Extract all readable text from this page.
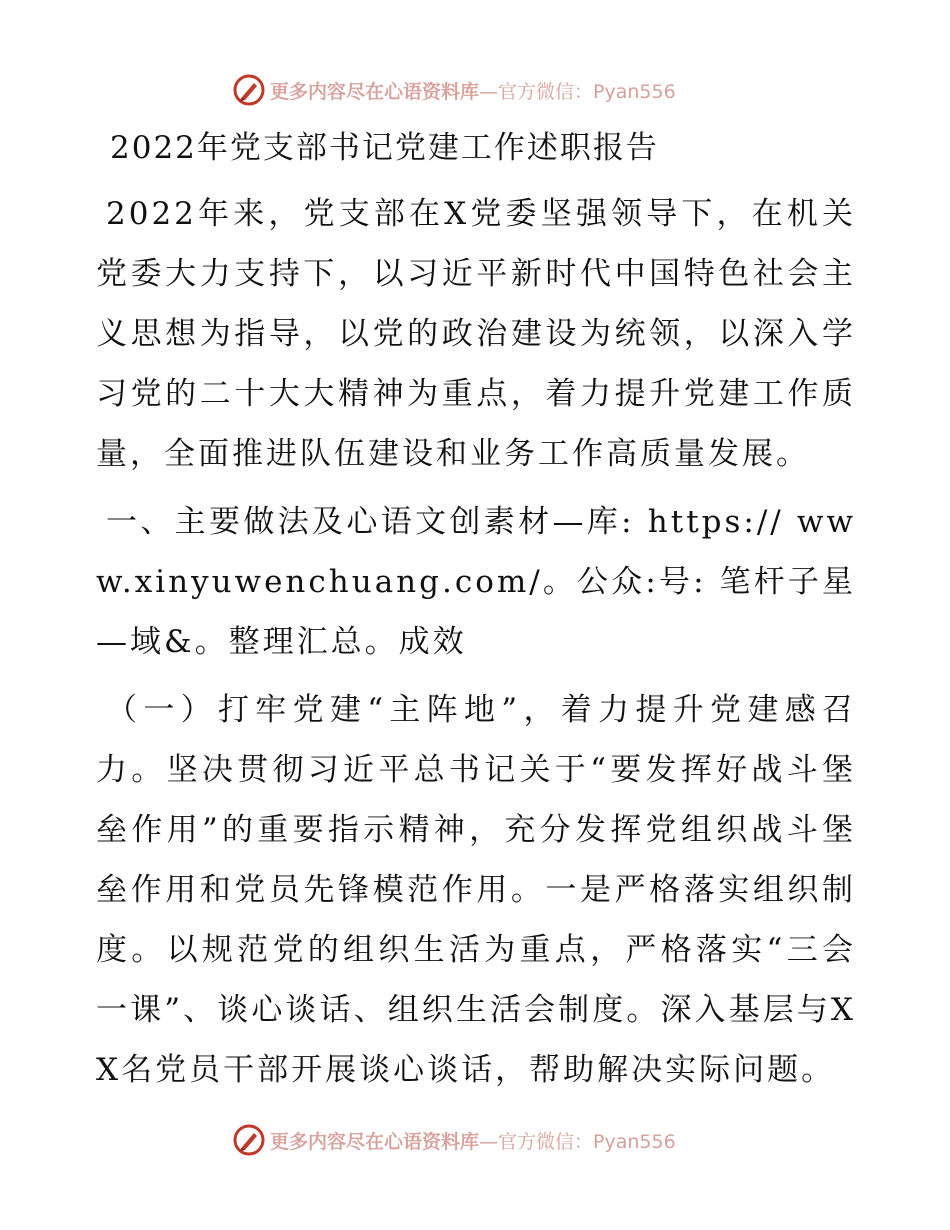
更多内容尽在心语资料库 —官方微信：Pyan556
2022年党支部书记党建工作述职报告

2022年来，党支部在X党委坚强领导下，在机关党委大力支持下，以习近平新时代中国特色社会主义思想为指导，以党的政治建设为统领，以深入学习党的二十大大精神为重点，着力提升党建工作质量，全面推进队伍建设和业务工作高质量发展。

一、主要做法及心语文创素材—库: https:// www.xinyuwenchuang.com/。公众:号: 笔杆子星—域&。整理汇总。成效

（一）打牢党建“主阵地”，着力提升党建感召力。坚决贯彻习近平总书记关于“要发挥好战斗堡垒作用”的重要指示精神，充分发挥党组织战斗堡垒作用和党员先锋模范作用。一是严格落实组织制度。以规范党的组织生活为重点，严格落实“三会一课”、谈心谈话、组织生活会制度。深入基层与XX名党员干部开展谈心谈话，帮助解决实际问题。

更多内容尽在心语资料库 —官方微信：Pyan556
